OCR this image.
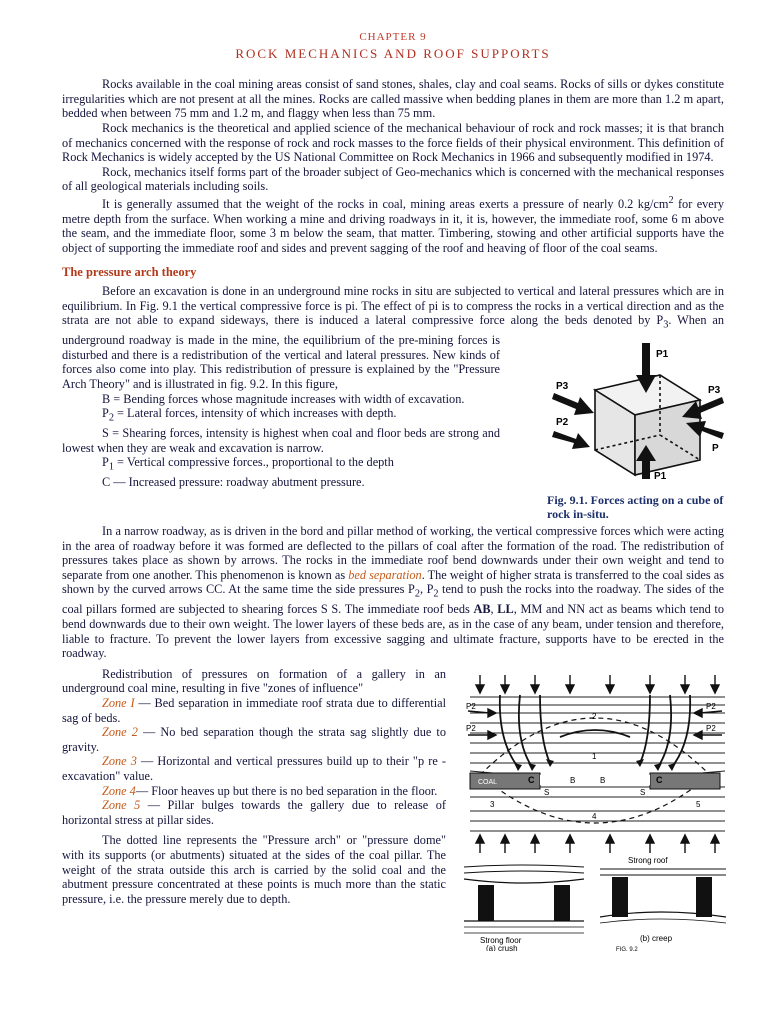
CHAPTER 9

ROCK MECHANICS AND ROOF SUPPORTS

Rocks available in the coal mining areas consist of sand stones, shales, clay and coal seams. Rocks of sills or dykes constitute irregularities which are not present at all the mines. Rocks are called massive when bedding planes in them are more than 1.2 m apart, bedded when between 75 mm and 1.2 m, and flaggy when less than 75 mm.

Rock mechanics is the theoretical and applied science of the mechanical behaviour of rock and rock masses; it is that branch of mechanics concerned with the response of rock and rock masses to the force fields of their physical environment. This definition of Rock Mechanics is widely accepted by the US National Committee on Rock Mechanics in 1966 and subsequently modified in 1974.

Rock, mechanics itself forms part of the broader subject of Geo-mechanics which is concerned with the mechanical responses of all geological materials including soils.

It is generally assumed that the weight of the rocks in coal, mining areas exerts a pressure of nearly 0.2 $kg/cm^2$ for every metre depth from the surface. When working a mine and driving roadways in it, it is, however, the immediate roof, some 6 m above the seam, and the immediate floor, some 3 m below the seam, that matter. Timbering, stowing and other artificial supports have the object of supporting the immediate roof and sides and prevent sagging of the roof and heaving of floor of the coal seams.

The pressure arch theory

Before an excavation is done in an underground mine rocks in situ are subjected to vertical and lateral pressures which are in equilibrium. In Fig. 9.1 the vertical compressive force is pi. The effect of pi is to compress the rocks in a vertical direction and as the strata are not able to expand sideways, there is induced a lateral compressive force along the beds denoted by $P_3$
P1
P3	P3
P2
P
P1
. When an underground roadway is made in the mine, the equilibrium of the pre-mining forces is disturbed and there is a redistribution of the vertical and lateral pressures. New kinds of forces also come into play. This redistribution of pressure is explained by the "Pressure Arch Theory" and is illustrated in fig. 9.2. In this figure,

B = Bending forces whose magnitude increases with width of excavation.

$P_2$ = Lateral forces, intensity of which increases with depth.

S = Shearing forces, intensity is highest when coal and floor beds are strong and lowest when they are weak and excavation is narrow.

$P_1$ = Vertical compressive forces., proportional to the depth

C — Increased pressure: roadway abutment pressure.

Fig. 9.1. Forces acting on a cube of rock in-situ.

In a narrow roadway, as is driven in the bord and pillar method of working, the vertical compressive forces which were acting in the area of roadway before it was formed are deflected to the pillars of coal after the formation of the road. The redistribution of pressures takes place as shown by arrows. The rocks in the immediate roof bend downwards under their own weight and tend to separate from one another. This phenomenon is known as bed separation. The weight of higher strata is transferred to the coal sides as shown by the curved arrows CC. At the same time the side pressures $P_2$, $P_2$ tend to push the rocks into the roadway. The sides of the coal pillars formed are subjected to shearing forces S S. The immediate roof beds AB, LL, MM and NN act as beams which tend to bend downwards due to their own weight. The lower layers of these beds are, as in the case of any beam, under tension and therefore, liable to fracture. To prevent the lower layers from excessive sagging and ultimate fracture, supports have to be erected in the roadway.

P2
P2
P2
P2
COAL	C	C
B	B
S	S
1
2
3
4
5
Strong floor
(a) crush
Strong roof
(b) creep
FIG. 9.2

Redistribution of pressures on formation of a gallery in an underground coal mine, resulting in five "zones of influence"

Zone I — Bed separation in immediate roof strata due to differential sag of beds.

Zone 2 — No bed separation though the strata sag slightly due to gravity.

Zone 3 — Horizontal and vertical pressures build up to their "p re -excavation" value.

Zone 4— Floor heaves up but there is no bed separation in the floor.

Zone 5 — Pillar bulges towards the gallery due to release of horizontal stress at pillar sides.

The dotted line represents the "Pressure arch" or "pressure dome" with its supports (or abutments) situated at the sides of the coal pillar. The weight of the strata outside this arch is carried by the solid coal and the abutment pressure concentrated at these points is much more than the static pressure, i.e. the pressure merely due to depth.
